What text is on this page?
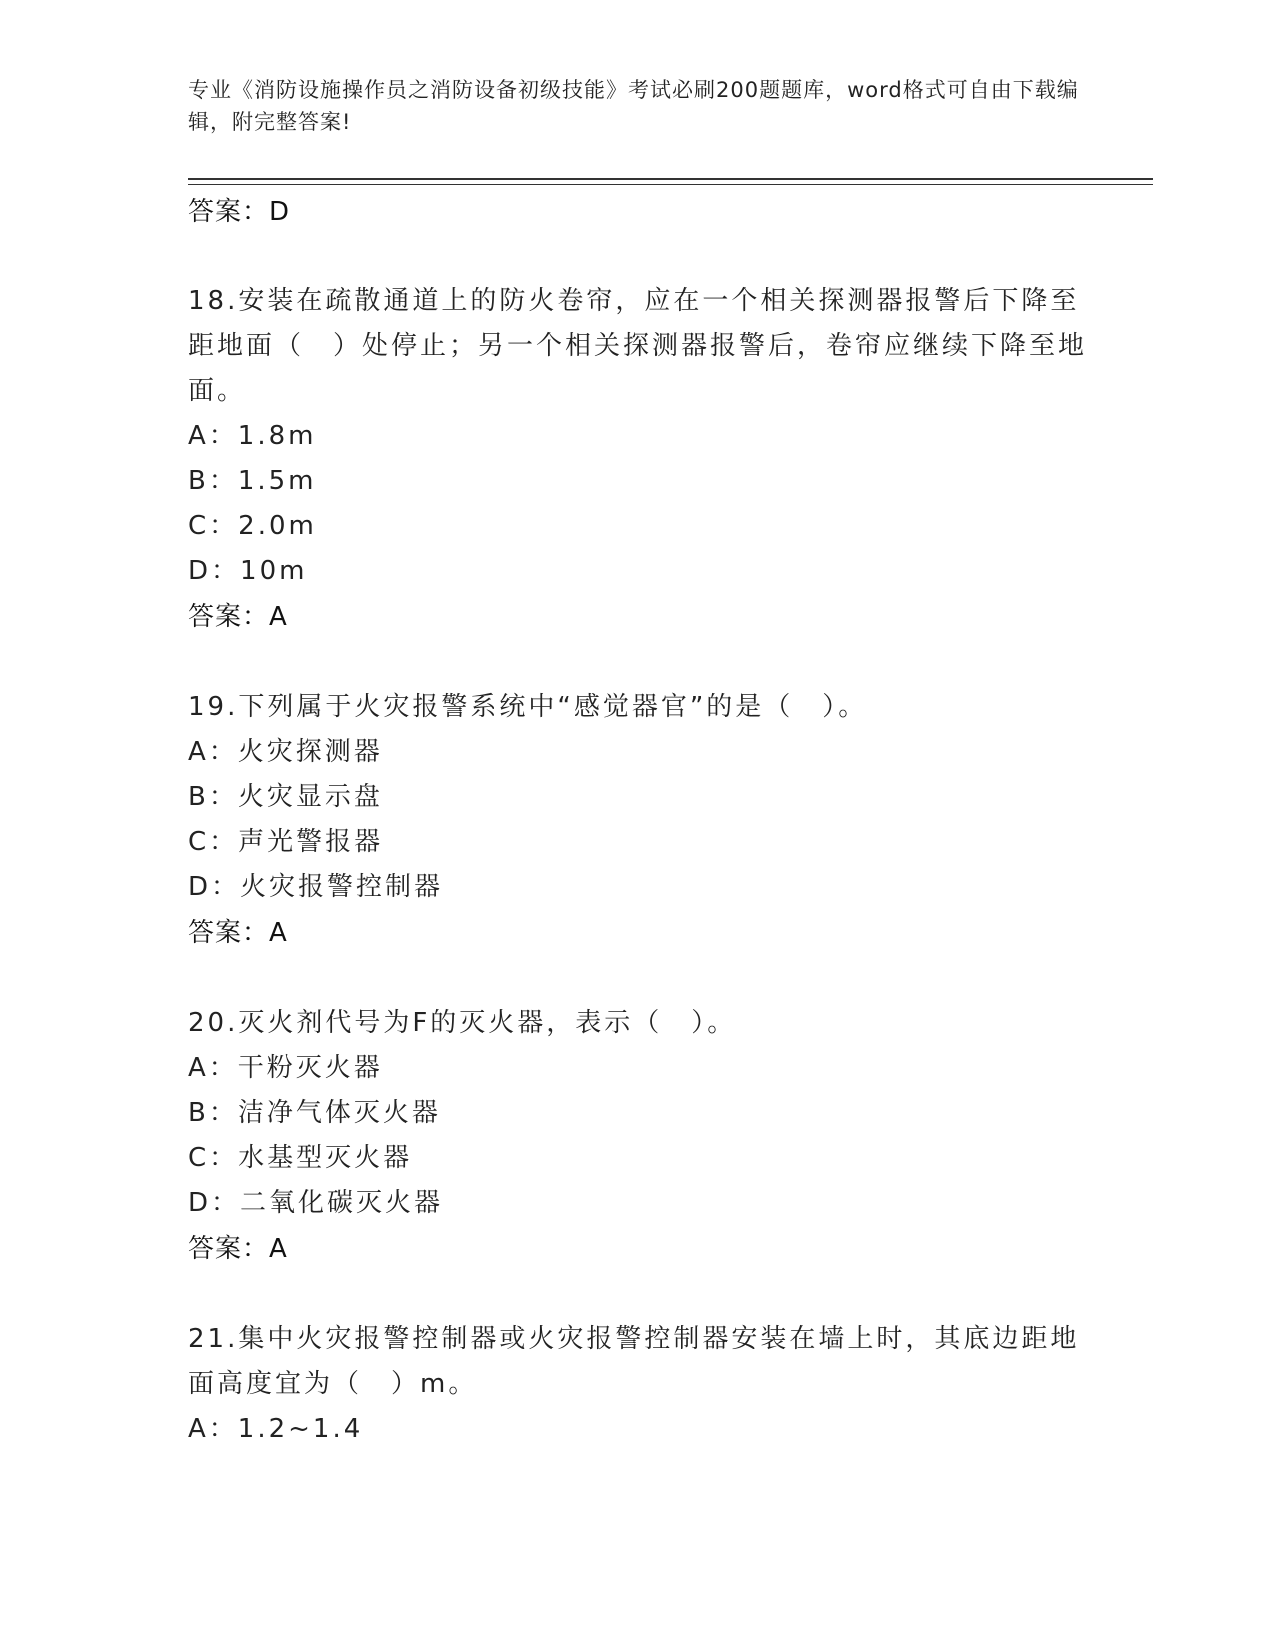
专业《消防设施操作员之消防设备初级技能》考试必刷200题题库，word格式可自由下载编辑，附完整答案!
答案：D
18.安装在疏散通道上的防火卷帘，应在一个相关探测器报警后下降至距地面（　）处停止；另一个相关探测器报警后，卷帘应继续下降至地面。
A：1.8m
B：1.5m
C：2.0m
D：10m
答案：A
19.下列属于火灾报警系统中“感觉器官”的是（　）。
A：火灾探测器
B：火灾显示盘
C：声光警报器
D：火灾报警控制器
答案：A
20.灭火剂代号为F的灭火器，表示（　）。
A：干粉灭火器
B：洁净气体灭火器
C：水基型灭火器
D：二氧化碳灭火器
答案：A
21.集中火灾报警控制器或火灾报警控制器安装在墙上时，其底边距地面高度宜为（　）m。
A：1.2~1.4
